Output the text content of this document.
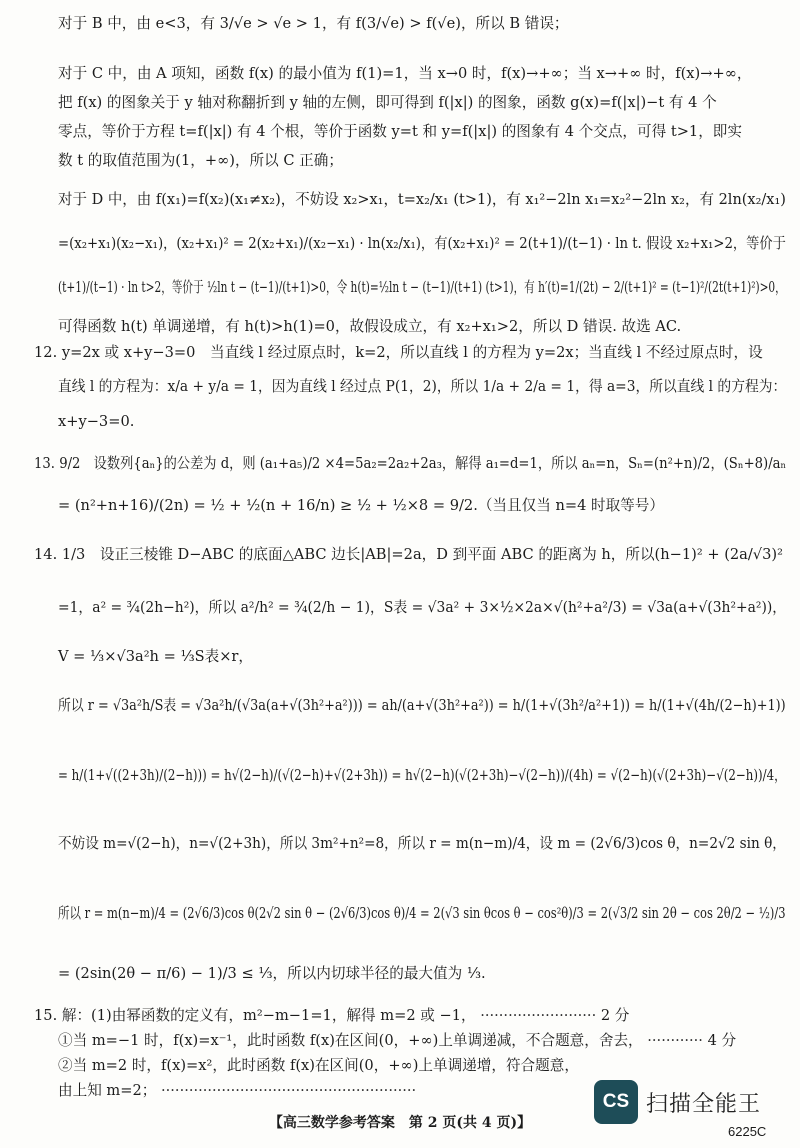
对于 B 中，由 e<3，有 3/√e > √e > 1，有 f(3/√e) > f(√e)，所以 B 错误；
对于 C 中，由 A 项知，函数 f(x) 的最小值为 f(1)=1，当 x→0 时，f(x)→+∞；当 x→+∞ 时，f(x)→+∞，
把 f(x) 的图象关于 y 轴对称翻折到 y 轴的左侧，即可得到 f(|x|) 的图象，函数 g(x)=f(|x|)−t 有 4 个
零点，等价于方程 t=f(|x|) 有 4 个根，等价于函数 y=t 和 y=f(|x|) 的图象有 4 个交点，可得 t>1，即实
数 t 的取值范围为(1，+∞)，所以 C 正确；
对于 D 中，由 f(x₁)=f(x₂)(x₁≠x₂)，不妨设 x₂>x₁，t=x₂/x₁ (t>1)，有 x₁²−2ln x₁=x₂²−2ln x₂，有 2ln(x₂/x₁)
=(x₂+x₁)(x₂−x₁)，(x₂+x₁)² = 2(x₂+x₁)/(x₂−x₁) · ln(x₂/x₁)，有(x₂+x₁)² = 2(t+1)/(t−1) · ln t. 假设 x₂+x₁>2，等价于
(t+1)/(t−1) · ln t>2，等价于 ½ln t − (t−1)/(t+1)>0，令 h(t)=½ln t − (t−1)/(t+1) (t>1)，有 h′(t)=1/(2t) − 2/(t+1)² = (t−1)²/(2t(t+1)²)>0，
可得函数 h(t) 单调递增，有 h(t)>h(1)=0，故假设成立，有 x₂+x₁>2，所以 D 错误. 故选 AC.
12. y=2x 或 x+y−3=0　当直线 l 经过原点时，k=2，所以直线 l 的方程为 y=2x；当直线 l 不经过原点时，设
直线 l 的方程为：x/a + y/a = 1，因为直线 l 经过点 P(1，2)，所以 1/a + 2/a = 1，得 a=3，所以直线 l 的方程为：
x+y−3=0.
13. 9/2　设数列{aₙ}的公差为 d，则 (a₁+a₅)/2 ×4=5a₂=2a₂+2a₃，解得 a₁=d=1，所以 aₙ=n，Sₙ=(n²+n)/2，(Sₙ+8)/aₙ
= (n²+n+16)/(2n) = ½ + ½(n + 16/n) ≥ ½ + ½×8 = 9/2.（当且仅当 n=4 时取等号）
14. 1/3　设正三棱锥 D−ABC 的底面△ABC 边长|AB|=2a，D 到平面 ABC 的距离为 h，所以(h−1)² + (2a/√3)²
=1，a² = ¾(2h−h²)，所以 a²/h² = ¾(2/h − 1)，S表 = √3a² + 3×½×2a×√(h²+a²/3) = √3a(a+√(3h²+a²))，
V = ⅓×√3a²h = ⅓S表×r，
所以 r = √3a²h/S表 = √3a²h/(√3a(a+√(3h²+a²))) = ah/(a+√(3h²+a²)) = h/(1+√(3h²/a²+1)) = h/(1+√(4h/(2−h)+1))
= h/(1+√((2+3h)/(2−h))) = h√(2−h)/(√(2−h)+√(2+3h)) = h√(2−h)(√(2+3h)−√(2−h))/(4h) = √(2−h)(√(2+3h)−√(2−h))/4，
不妨设 m=√(2−h)，n=√(2+3h)，所以 3m²+n²=8，所以 r = m(n−m)/4，设 m = (2√6/3)cos θ，n=2√2 sin θ，
所以 r = m(n−m)/4 = (2√6/3)cos θ(2√2 sin θ − (2√6/3)cos θ)/4 = 2(√3 sin θcos θ − cos²θ)/3 = 2(√3/2 sin 2θ − cos 2θ/2 − ½)/3
= (2sin(2θ − π/6) − 1)/3 ≤ ⅓，所以内切球半径的最大值为 ⅓.
15. 解：(1)由幂函数的定义有，m²−m−1=1，解得 m=2 或 −1， ························· 2 分
①当 m=−1 时，f(x)=x⁻¹，此时函数 f(x)在区间(0，+∞)上单调递减，不合题意，舍去， ············ 4 分
②当 m=2 时，f(x)=x²，此时函数 f(x)在区间(0，+∞)上单调递增，符合题意，
由上知 m=2； ·······················································
【高三数学参考答案　第 2 页(共 4 页)】
6225C
CS 扫描全能王
